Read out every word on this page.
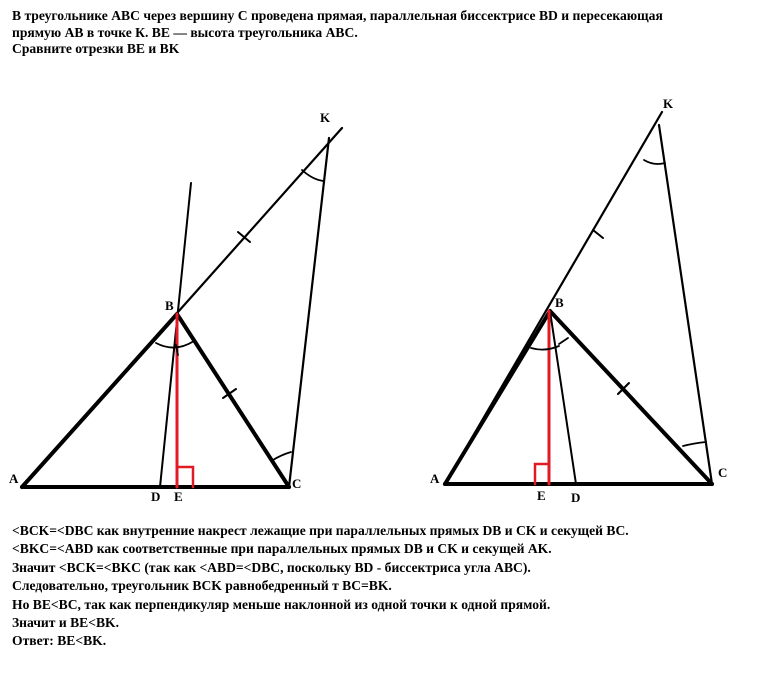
В треугольнике ABC через вершину С проведена прямая, параллельная биссектрисе BD и пересекающая
прямую AB в точке К. BE — высота треугольника ABC.
Сравните отрезки BE и BK
A
B
C
D E
K
A
B
C
D
E
K
<BCK=<DBC как внутренние накрест лежащие при параллельных прямых DB и CK и секущей BC.
<BKC=<ABD как соответственные при параллельных прямых DB и CK и секущей AK.
Значит <BCK=<BKC (так как <ABD=<DBC, поскольку BD - биссектриса угла ABC).
Следовательно, треугольник BCK равнобедренный т BC=BK.
Но BE<BC, так как перпендикуляр меньше наклонной из одной точки к одной прямой.
Значит и BE<BK.
Ответ: BE<BK.
